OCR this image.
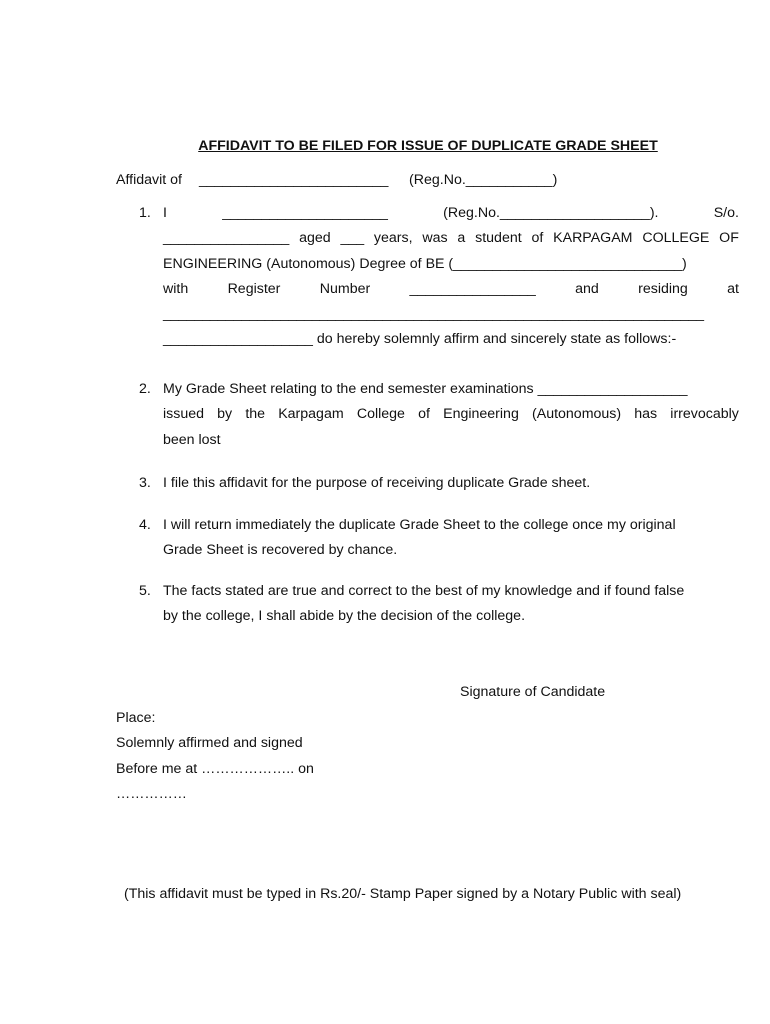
AFFIDAVIT TO BE FILED FOR ISSUE OF DUPLICATE GRADE SHEET
Affidavit of ________________________ (Reg.No.___________)
1. I	_____________________	(Reg.No.___________________).	S/o.
________________ aged ___ years, was a student of KARPAGAM COLLEGE OF
ENGINEERING (Autonomous) Degree of BE (_____________________________)
with	Register	Number	________________	and	residing	at
_____________________________________________________________________
___________________ do hereby solemnly affirm and sincerely state as follows:-
2. My Grade Sheet relating to the end semester examinations ___________________
issued by the Karpagam College of Engineering (Autonomous) has irrevocably
been lost
3. I file this affidavit for the purpose of receiving duplicate Grade sheet.
4. I will return immediately the duplicate Grade Sheet to the college once my original
Grade Sheet is recovered by chance.
5. The facts stated are true and correct to the best of my knowledge and if found false
by the college, I shall abide by the decision of the college.
Signature of Candidate
Place:
Solemnly affirmed and signed
Before me at ……………….. on
……………
(This affidavit must be typed in Rs.20/- Stamp Paper signed by a Notary Public with seal)
